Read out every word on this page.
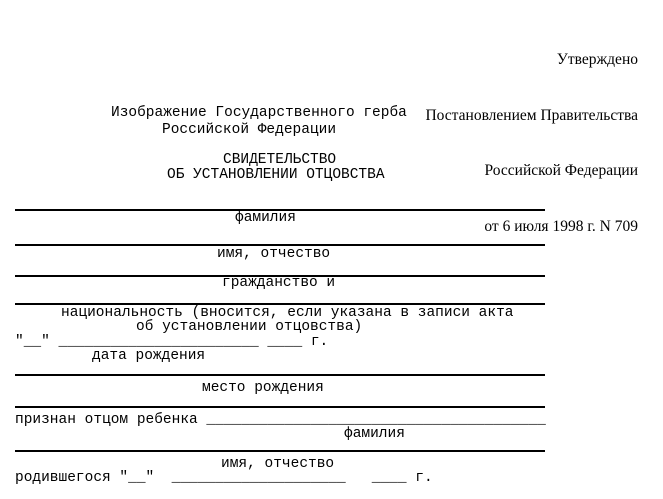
Утверждено

Постановлением Правительства

Российской Федерации

от 6 июля 1998 г. N 709

Изображение Государственного герба
Российской Федерации
СВИДЕТЕЛЬСТВО
ОБ УСТАНОВЛЕНИИ ОТЦОВСТВА
фамилия
имя, отчество
гражданство и
национальность (вносится, если указана в записи акта
об установлении отцовства)
"__" _______________________ ____ г.
дата рождения
место рождения
признан отцом ребенка _______________________________________
фамилия
имя, отчество
родившегося "__"  ____________________   ____ г.
